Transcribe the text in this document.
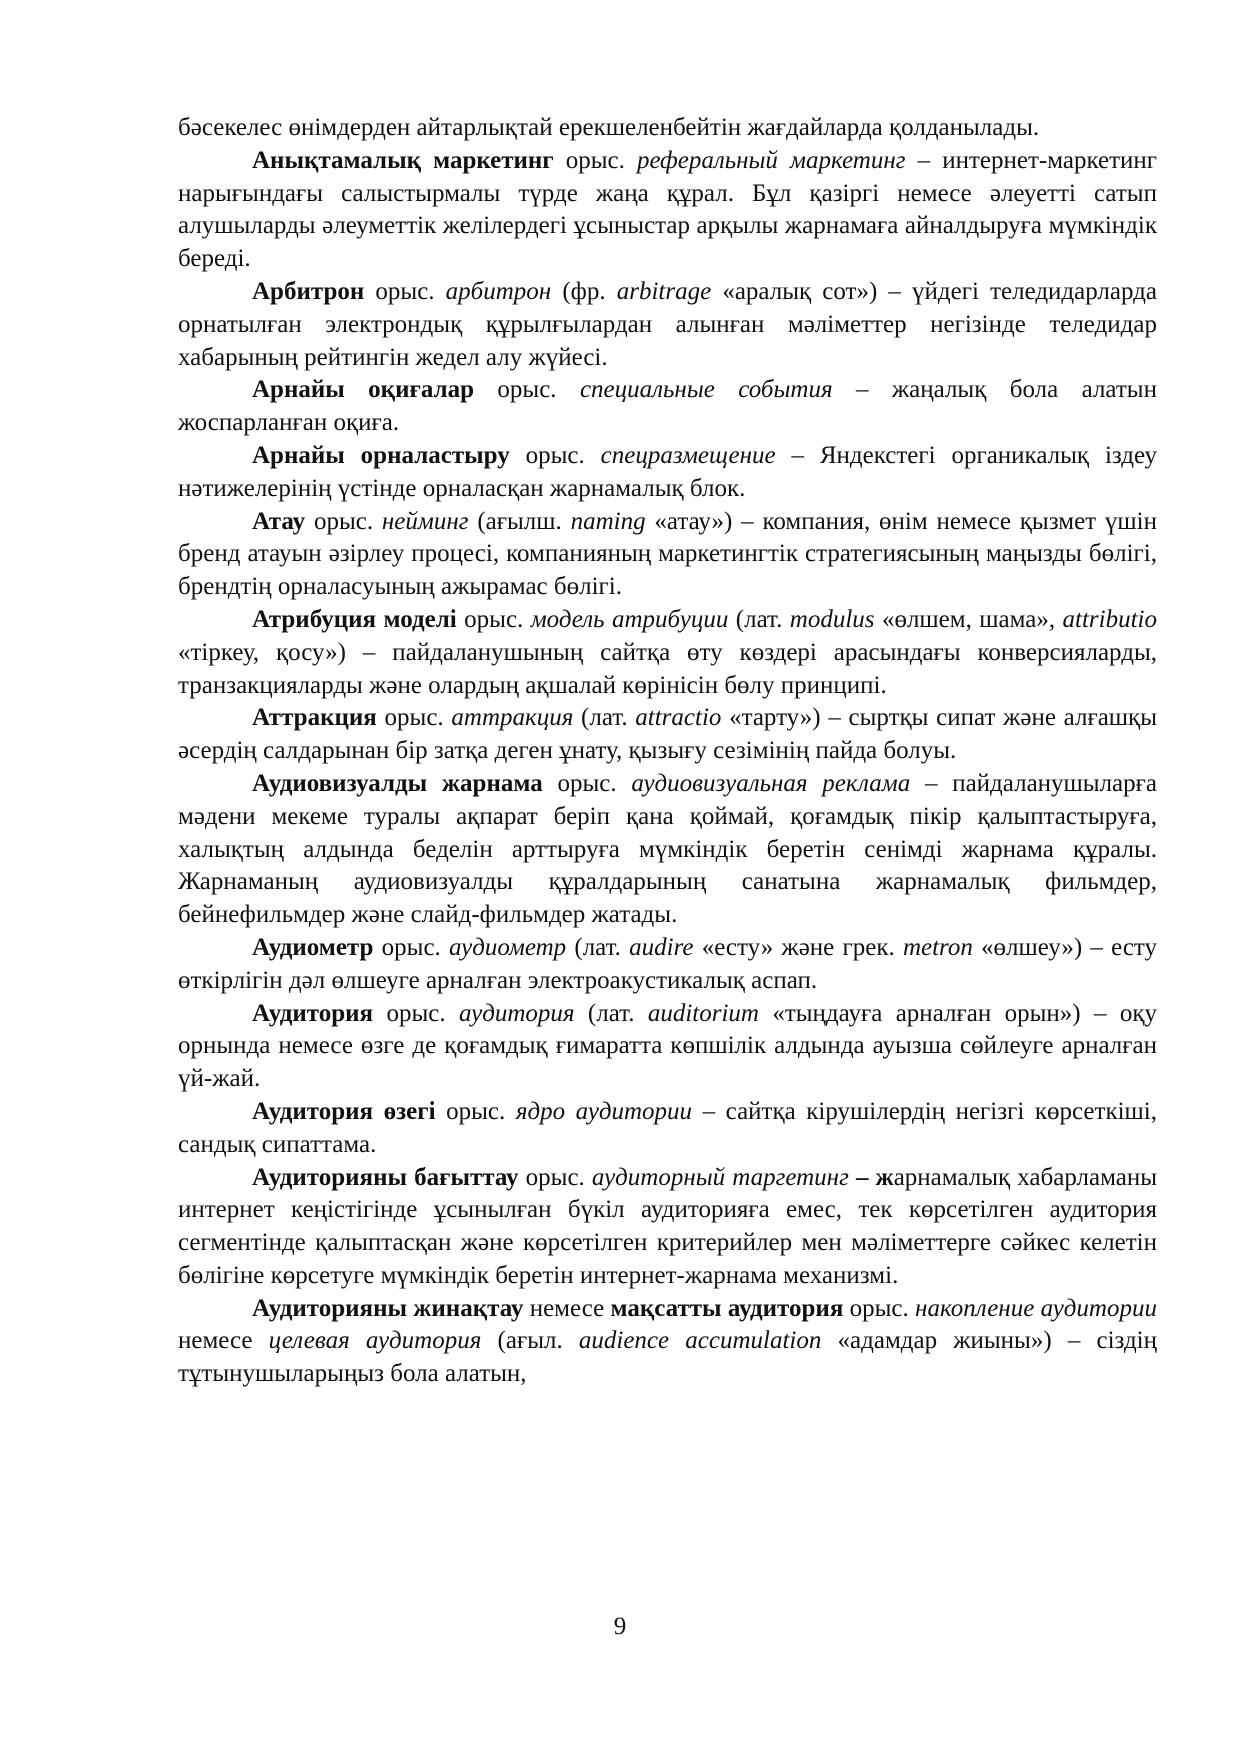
бәсекелес өнімдерден айтарлықтай ерекшеленбейтін жағдайларда қолданылады.

Анықтамалық маркетинг орыс. реферальный маркетинг – интернет-маркетинг нарығындағы салыстырмалы түрде жаңа құрал. Бұл қазіргі немесе әлеуетті сатып алушыларды әлеуметтік желілердегі ұсыныстар арқылы жарнамаға айналдыруға мүмкіндік береді.

Арбитрон орыс. арбитрон (фр. arbitrage «аралық сот») – үйдегі теледидарларда орнатылған электрондық құрылғылардан алынған мәліметтер негізінде теледидар хабарының рейтингін жедел алу жүйесі.

Арнайы оқиғалар орыс. специальные события – жаңалық бола алатын жоспарланған оқиға.

Арнайы орналастыру орыс. спецразмещение – Яндекстегі органикалық іздеу нәтижелерінің үстінде орналасқан жарнамалық блок.

Атау орыс. нейминг (ағылш. naming «атау») – компания, өнім немесе қызмет үшін бренд атауын әзірлеу процесі, компанияның маркетингтік стратегиясының маңызды бөлігі, брендтің орналасуының ажырамас бөлігі.

Атрибуция моделі орыс. модель атрибуции (лат. modulus «өлшем, шама», attributio «тіркеу, қосу») – пайдаланушының сайтқа өту көздері арасындағы конверсияларды, транзакцияларды және олардың ақшалай көрінісін бөлу принципі.

Аттракция орыс. аттракция (лат. attractio «тарту») – сыртқы сипат және алғашқы әсердің салдарынан бір затқа деген ұнату, қызығу сезімінің пайда болуы.

Аудиовизуалды жарнама орыс. аудиовизуальная реклама – пайдаланушыларға мәдени мекеме туралы ақпарат беріп қана қоймай, қоғамдық пікір қалыптастыруға, халықтың алдында беделін арттыруға мүмкіндік беретін сенімді жарнама құралы. Жарнаманың аудиовизуалды құралдарының санатына жарнамалық фильмдер, бейнефильмдер және слайд-фильмдер жатады.

Аудиометр орыс. аудиометр (лат. audire «есту» және грек. metron «өлшеу») – есту өткірлігін дәл өлшеуге арналған электроакустикалық аспап.

Аудитория орыс. аудитория (лат. auditorium «тыңдауға арналған орын») – оқу орнында немесе өзге де қоғамдық ғимаратта көпшілік алдында ауызша сөйлеуге арналған үй-жай.

Аудитория өзегі орыс. ядро аудитории – сайтқа кірушілердің негізгі көрсеткіші, сандық сипаттама.

Аудиторияны бағыттау орыс. аудиторный таргетинг – жарнамалық хабарламаны интернет кеңістігінде ұсынылған бүкіл аудиторияға емес, тек көрсетілген аудитория сегментінде қалыптасқан және көрсетілген критерийлер мен мәліметтерге сәйкес келетін бөлігіне көрсетуге мүмкіндік беретін интернет-жарнама механизмі.

Аудиторияны жинақтау немесе мақсатты аудитория орыс. накопление аудитории немесе целевая аудитория (ағыл. audience accumulation «адамдар жиыны») – сіздің тұтынушыларыңыз бола алатын,

9
